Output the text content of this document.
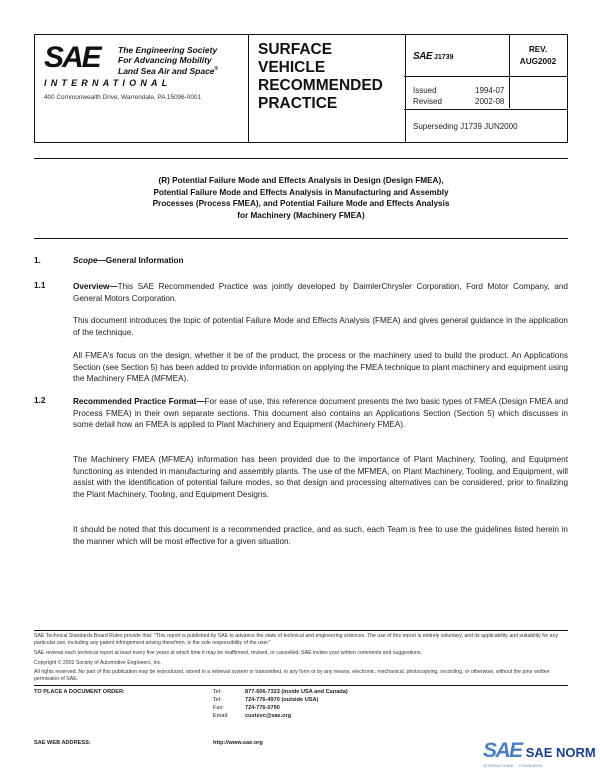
SAE The Engineering Society
For Advancing Mobility
Land Sea Air and Space®
INTERNATIONAL
400 Commonwealth Drive, Warrendale, PA 15096-0001
SURFACE
VEHICLE
RECOMMENDED
PRACTICE
SAE J1739
REV.
AUG2002
Issued	1994-07
Revised	2002-08
Superseding J1739 JUN2000
(R) Potential Failure Mode and Effects Analysis in Design (Design FMEA),
Potential Failure Mode and Effects Analysis in Manufacturing and Assembly
Processes (Process FMEA), and Potential Failure Mode and Effects Analysis
for Machinery (Machinery FMEA)
1.	Scope—General Information
1.1	Overview—This SAE Recommended Practice was jointly developed by DaimlerChrysler Corporation, Ford Motor Company, and General Motors Corporation.
This document introduces the topic of potential Failure Mode and Effects Analysis (FMEA) and gives general guidance in the application of the technique.
All FMEA's focus on the design, whether it be of the product, the process or the machinery used to build the product. An Applications Section (see Section 5) has been added to provide information on applying the FMEA technique to plant machinery and equipment using the Machinery FMEA (MFMEA).
1.2	Recommended Practice Format—For ease of use, this reference document presents the two basic types of FMEA (Design FMEA and Process FMEA) in their own separate sections. This document also contains an Applications Section (Section 5) which discusses in some detail how an FMEA is applied to Plant Machinery and Equipment (Machinery FMEA).
The Machinery FMEA (MFMEA) information has been provided due to the importance of Plant Machinery, Tooling, and Equipment functioning as intended in manufacturing and assembly plants. The use of the MFMEA, on Plant Machinery, Tooling, and Equipment, will assist with the identification of potential failure modes, so that design and processing alternatives can be considered, prior to finalizing the Plant Machinery, Tooling, and Equipment Designs.
It should be noted that this document is a recommended practice, and as such, each Team is free to use the guidelines listed herein in the manner which will be most effective for a given situation.
SAE Technical Standards Board Rules provide that: "This report is published by SAE to advance the state of technical and engineering sciences. The use of this report is entirely voluntary, and its applicability and suitability for any particular use, including any patent infringement arising therefrom, is the sole responsibility of the user."
SAE reviews each technical report at least every five years at which time it may be reaffirmed, revised, or cancelled. SAE invites your written comments and suggestions.
Copyright © 2002 Society of Automotive Engineers, Inc.
All rights reserved. No part of this publication may be reproduced, stored in a retrieval system or transmitted, in any form or by any means, electronic, mechanical, photocopying, recording, or otherwise, without the prior written permission of SAE.
TO PLACE A DOCUMENT ORDER:
SAE WEB ADDRESS:
Tel:	877-606-7323 (inside USA and Canada)
Tel:	724-776-4970 (outside USA)
Fax:	724-776-0790
Email:	custsvc@sae.org
http://www.sae.org	SAE SAE NORM
INTERNATIONAL · STANDARDS
